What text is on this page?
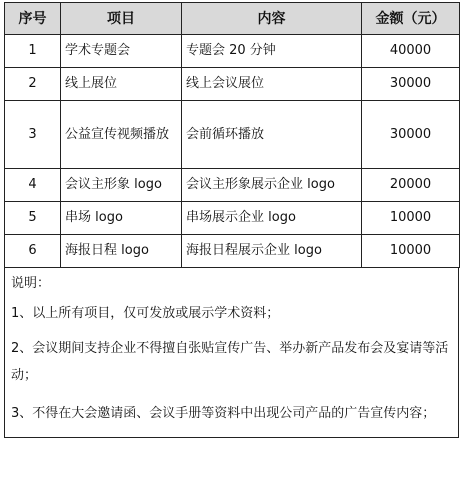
序号	项目	内容	金额（元）
1	学术专题会	专题会 20 分钟	40000
2	线上展位	线上会议展位	30000
3	公益宣传视频播放	会前循环播放	30000
4	会议主形象 logo	会议主形象展示企业 logo	20000
5	串场 logo	串场展示企业 logo	10000
6	海报日程 logo	海报日程展示企业 logo	10000

说明：

1、以上所有项目，仅可发放或展示学术资料；

2、会议期间支持企业不得擅自张贴宣传广告、举办新产品发布会及宴请等活动；

3、不得在大会邀请函、会议手册等资料中出现公司产品的广告宣传内容；
